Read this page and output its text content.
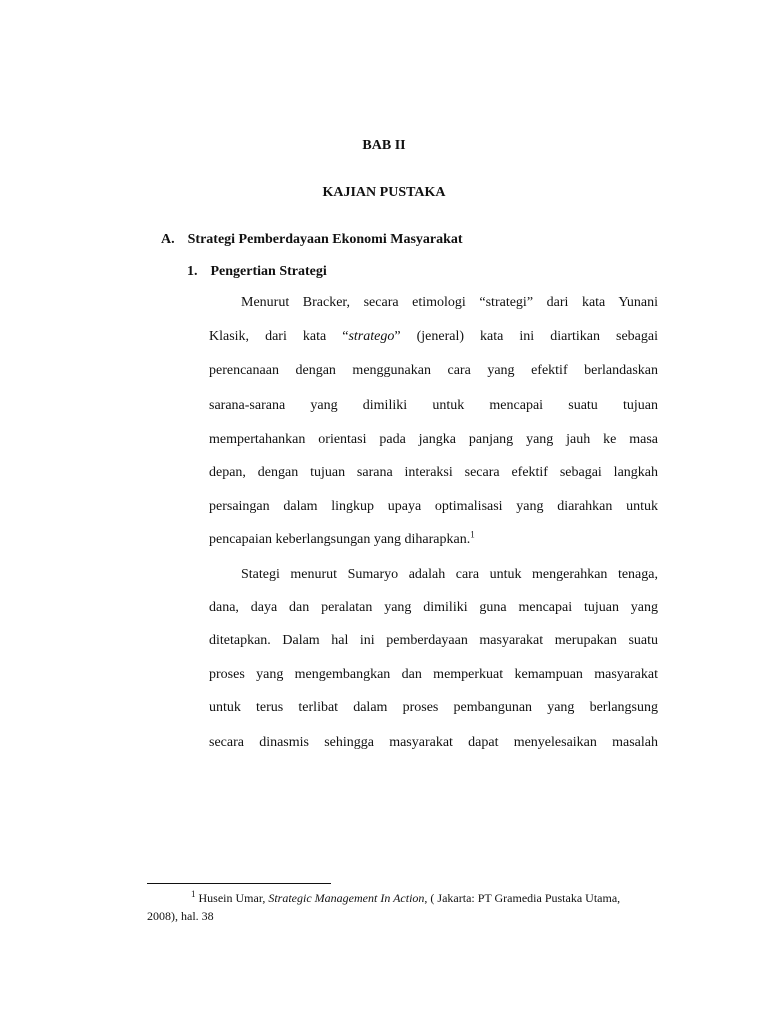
BAB II
KAJIAN PUSTAKA
A. Strategi Pemberdayaan Ekonomi Masyarakat
1. Pengertian Strategi
Menurut Bracker, secara etimologi “strategi” dari kata Yunani
Klasik, dari kata “stratego” (jeneral) kata ini diartikan sebagai
perencanaan dengan menggunakan cara yang efektif berlandaskan
sarana-sarana yang dimiliki untuk mencapai suatu tujuan
mempertahankan orientasi pada jangka panjang yang jauh ke masa
depan, dengan tujuan sarana interaksi secara efektif sebagai langkah
persaingan dalam lingkup upaya optimalisasi yang diarahkan untuk
pencapaian keberlangsungan yang diharapkan.$^1$
Stategi menurut Sumaryo adalah cara untuk mengerahkan tenaga,
dana, daya dan peralatan yang dimiliki guna mencapai tujuan yang
ditetapkan. Dalam hal ini pemberdayaan masyarakat merupakan suatu
proses yang mengembangkan dan memperkuat kemampuan masyarakat
untuk terus terlibat dalam proses pembangunan yang berlangsung
secara dinasmis sehingga masyarakat dapat menyelesaikan masalah
$^1$ Husein Umar, Strategic Management In Action, ( Jakarta: PT Gramedia Pustaka Utama,
2008), hal. 38
